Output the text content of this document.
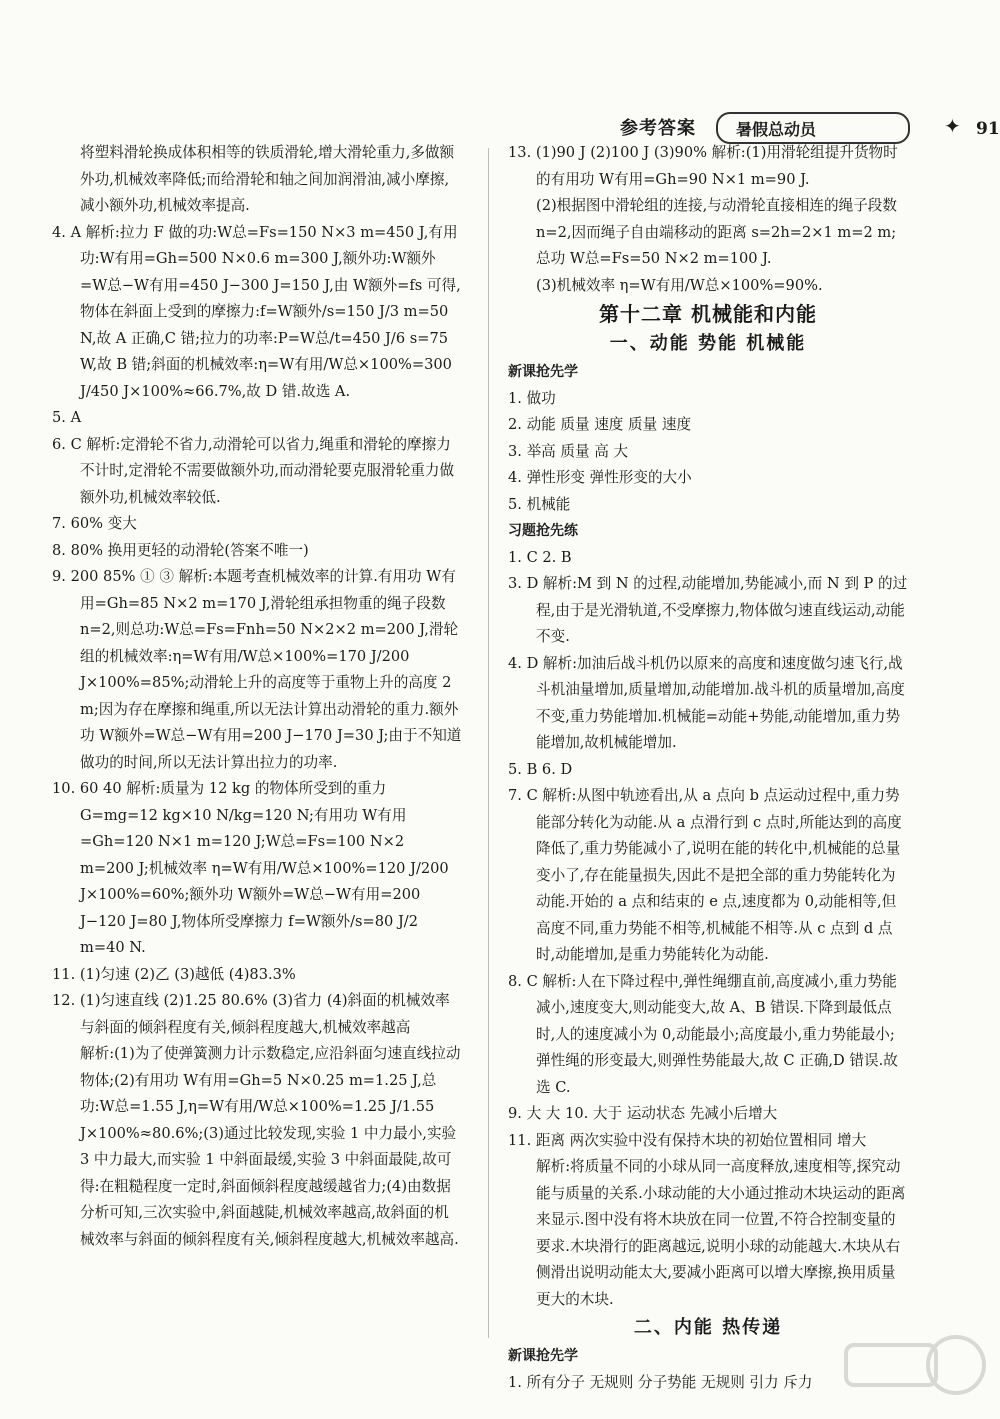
参考答案	暑假总动员	✦ 91

将塑料滑轮换成体积相等的铁质滑轮,增大滑轮重力,多做额外功,机械效率降低;而给滑轮和轴之间加润滑油,减小摩擦,减小额外功,机械效率提高.

4. A 解析:拉力 F 做的功:W总=Fs=150 N×3 m=450 J,有用功:W有用=Gh=500 N×0.6 m=300 J,额外功:W额外=W总−W有用=450 J−300 J=150 J,由 W额外=fs 可得,物体在斜面上受到的摩擦力:f=W额外/s=150 J/3 m=50 N,故 A 正确,C 错;拉力的功率:P=W总/t=450 J/6 s=75 W,故 B 错;斜面的机械效率:η=W有用/W总×100%=300 J/450 J×100%≈66.7%,故 D 错.故选 A.

5. A

6. C 解析:定滑轮不省力,动滑轮可以省力,绳重和滑轮的摩擦力不计时,定滑轮不需要做额外功,而动滑轮要克服滑轮重力做额外功,机械效率较低.

7. 60% 变大

8. 80% 换用更轻的动滑轮(答案不唯一)

9. 200 85% ① ③ 解析:本题考查机械效率的计算.有用功 W有用=Gh=85 N×2 m=170 J,滑轮组承担物重的绳子段数 n=2,则总功:W总=Fs=Fnh=50 N×2×2 m=200 J,滑轮组的机械效率:η=W有用/W总×100%=170 J/200 J×100%=85%;动滑轮上升的高度等于重物上升的高度 2 m;因为存在摩擦和绳重,所以无法计算出动滑轮的重力.额外功 W额外=W总−W有用=200 J−170 J=30 J;由于不知道做功的时间,所以无法计算出拉力的功率.

10. 60 40 解析:质量为 12 kg 的物体所受到的重力 G=mg=12 kg×10 N/kg=120 N;有用功 W有用=Gh=120 N×1 m=120 J;W总=Fs=100 N×2 m=200 J;机械效率 η=W有用/W总×100%=120 J/200 J×100%=60%;额外功 W额外=W总−W有用=200 J−120 J=80 J,物体所受摩擦力 f=W额外/s=80 J/2 m=40 N.

11. (1)匀速 (2)乙 (3)越低 (4)83.3%

12. (1)匀速直线 (2)1.25 80.6% (3)省力 (4)斜面的机械效率与斜面的倾斜程度有关,倾斜程度越大,机械效率越高

解析:(1)为了使弹簧测力计示数稳定,应沿斜面匀速直线拉动物体;(2)有用功 W有用=Gh=5 N×0.25 m=1.25 J,总功:W总=1.55 J,η=W有用/W总×100%=1.25 J/1.55 J×100%≈80.6%;(3)通过比较发现,实验 1 中力最小,实验 3 中力最大,而实验 1 中斜面最缓,实验 3 中斜面最陡,故可得:在粗糙程度一定时,斜面倾斜程度越缓越省力;(4)由数据分析可知,三次实验中,斜面越陡,机械效率越高,故斜面的机械效率与斜面的倾斜程度有关,倾斜程度越大,机械效率越高.

13. (1)90 J (2)100 J (3)90% 解析:(1)用滑轮组提升货物时的有用功 W有用=Gh=90 N×1 m=90 J.

(2)根据图中滑轮组的连接,与动滑轮直接相连的绳子段数 n=2,因而绳子自由端移动的距离 s=2h=2×1 m=2 m;总功 W总=Fs=50 N×2 m=100 J.

(3)机械效率 η=W有用/W总×100%=90%.

第十二章 机械能和内能

一、动能 势能 机械能

新课抢先学

1. 做功

2. 动能 质量 速度 质量 速度

3. 举高 质量 高 大

4. 弹性形变 弹性形变的大小

5. 机械能

习题抢先练

1. C 2. B

3. D 解析:M 到 N 的过程,动能增加,势能减小,而 N 到 P 的过程,由于是光滑轨道,不受摩擦力,物体做匀速直线运动,动能不变.

4. D 解析:加油后战斗机仍以原来的高度和速度做匀速飞行,战斗机油量增加,质量增加,动能增加.战斗机的质量增加,高度不变,重力势能增加.机械能=动能+势能,动能增加,重力势能增加,故机械能增加.

5. B 6. D

7. C 解析:从图中轨迹看出,从 a 点向 b 点运动过程中,重力势能部分转化为动能.从 a 点滑行到 c 点时,所能达到的高度降低了,重力势能减小了,说明在能的转化中,机械能的总量变小了,存在能量损失,因此不是把全部的重力势能转化为动能.开始的 a 点和结束的 e 点,速度都为 0,动能相等,但高度不同,重力势能不相等,机械能不相等.从 c 点到 d 点时,动能增加,是重力势能转化为动能.

8. C 解析:人在下降过程中,弹性绳绷直前,高度减小,重力势能减小,速度变大,则动能变大,故 A、B 错误.下降到最低点时,人的速度减小为 0,动能最小;高度最小,重力势能最小;弹性绳的形变最大,则弹性势能最大,故 C 正确,D 错误.故选 C.

9. 大 大 10. 大于 运动状态 先减小后增大

11. 距离 两次实验中没有保持木块的初始位置相同 增大

解析:将质量不同的小球从同一高度释放,速度相等,探究动能与质量的关系.小球动能的大小通过推动木块运动的距离来显示.图中没有将木块放在同一位置,不符合控制变量的要求.木块滑行的距离越远,说明小球的动能越大.木块从右侧滑出说明动能太大,要减小距离可以增大摩擦,换用质量更大的木块.

二、内能 热传递

新课抢先学

1. 所有分子 无规则 分子势能 无规则 引力 斥力
